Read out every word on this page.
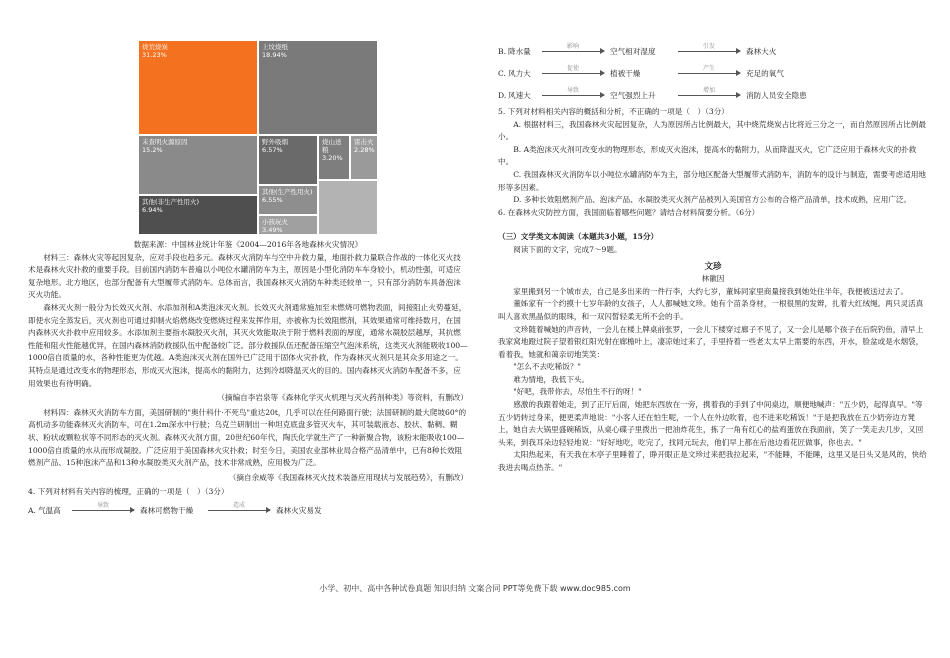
烧荒烧炭
31.23%
上坟烧纸
18.94%
未查明火源原因
15.2%
其他(非生产性用火)
6.94%
野外吸烟
6.57%
其他(生产性用火)
6.55%
小孩玩火
3.49%
烧山送粮
3.20%
雷击火
2.28%

数据来源：中国林业统计年鉴《2004—2016年各地森林火灾情况》

材料三：森林火灾等起因复杂，应对手段也趋多元。森林灭火消防车与空中升救力量，地面扑救力量联合作战的一体化灭火技术是森林火灾扑救的重要手段。目前国内消防车普遍以小吨位水罐消防车为主，原因是小型化消防车车身较小，机动性强，可适应复杂地形。北方地区，也部分配备有大型履带式消防车。总体而言，我国森林灭火消防车种类还较单一，只有部分消防车具备泡沫灭火功能。

森林灭火剂一般分为长效灭火剂、水添加剂和A类泡沫灭火剂。长效灭火剂通常施加至未燃烧可燃物表面，间接阻止火势蔓延，即使水完全蒸发后，灭火剂也可通过抑制火焰燃烧改变燃烧过程来发挥作用，亦被称为长效阻燃剂，其效果通常可维持数月，在国内森林灭火扑救中应用较多。水添加剂主要指水凝胶灭火剂，其灭火效能取决于附于燃料表面的厚度，通常水凝胶层越厚，其抗燃性能和阻火性能越优异，在国内森林消防救援队伍中配备较广泛。部分救援队伍还配备压缩空气泡沫系统，这类灭火剂能吸收100—1000倍自质量的水，各种性能更为优越。A类泡沫灭火剂在国外已广泛用于固体火灾扑救，作为森林灭火剂只是其众多用途之一。其特点是通过改变水的物理形态，形成灭火泡沫，提高水的黏附力，达到冷却降温灭火的目的。国内森林灭火消防车配备不多，应用效果也有待明确。

（摘编自李岩泉等《森林化学灭火机理与灭火药剂种类》等资料，有删改）

材料四：森林灭火消防车方面，美国研制的"奥什科什·不死鸟"重达20t，几乎可以在任何路面行驶；法国研制的最大爬坡60°的高机动多功能森林灭火消防车，可在1.2m深水中行驶；乌克兰研制出一种坦克底盘多管灭火车，其可装载液态、胶状、黏稠、糊状、粉状或颗粒状等不同形态的灭火剂。森林灭火剂方面，20世纪60年代，陶氏化学就生产了一种新聚合物，该粉末能吸收100—1000倍自质量的水从而形成凝胶。广泛应用于美国森林火灾扑救；时至今日，美国农业部林业局合格产品清单中，已有8种长效阻燃剂产品、15种泡沫产品和13种水凝胶类灭火剂产品，技术非常成熟，应用极为广泛。

（摘自余威等《我国森林灭火技术装备应用现状与发展趋势》，有删改）

4. 下列对材料有关内容的梳理，正确的一项是（　）（3分）

A. 气温高
导致
森林可燃物干燥
造成
森林火灾易发
B. 降水量
影响
空气相对湿度
引发
森林大火
C. 风力大
促使
植被干燥
产生
充足的氧气
D. 风速大
导致
空气强烈上升
增加
消防人员安全隐患

5. 下列对材料相关内容的概括和分析，不正确的一项是（　）（3分）

A. 根据材料三，我国森林火灾起因复杂，人为原因所占比例最大，其中烧荒烧炭占比将近三分之一，而自然原因所占比例最小。

B. A类泡沫灭火剂可改变水的物理形态，形成灭火泡沫，提高水的黏附力，从而降温灭火，它广泛应用于森林火灾的扑救中。

C. 我国森林灭火消防车以小吨位水罐消防车为主，部分地区配备大型履带式消防车，消防车的设计与制造，需要考虑适用地形等多因素。

D. 多种长效阻燃剂产品、泡沫产品、水凝胶类灭火剂产品被列入美国官方公布的合格产品清单，技术成熟，应用广泛。

6. 在森林火灾防控方面，我国面临着哪些问题？请结合材料简要分析。（6分）

（三）文学类文本阅读（本题共3小题，15分）

阅读下面的文字，完成7～9题。

文珍

林徽因

家里搬到另一个城市去，自己是多出来的一件行李，大约七岁，董姊同家里商量接我到她处住半年，我便被送过去了。

董姊家有一个约摸十七岁年龄的女孩子，人人都喊她文珍。她有个苗条身材，一根很黑的发辫，扎着大红绒绳。两只灵活真叫人喜欢黑晶似的眼珠，和一双闪皙轻柔无所不会的手。

文珍随着喊她的声音转，一会儿在楼上牌桌前张罗，一会儿下楼穿过廊子不见了，又一会儿是哪个孩子在后院钓鱼，清早上我家窝地蹬过院子望着银红阳光射在廊檐叶上，凄凉她过来了，手里持着一些老太太早上需要的东西，开水，脸盆或是水烟袋，看着我，她就和蔼亲切地笑笑：

"怎么不去吃稀饭？"

难为情地，我低下头。

"好吧，我带你去，尽怕生不行的呀！"

感激的我跟着她走，到了正厅后面，她把东西放在一旁，携着我的手到了中间桌边，顺便地喊声："五少奶，起得真早。"等五少奶转过身来，便更柔声地说："小客人还在怕生呢，一个人在外边吹着，也不进来吃稀饭！"于是把我放在五少奶旁边方凳上，她自去大锅里盛碗稀饭，从桌心碟子里拨出一把油炸花生，拣了一角有红心的盐鸡蛋放在我面前，笑了一笑走去几步，又回头来，到我耳朵边轻轻地说："好好地吃，吃完了，找同元玩去，他们早上都在后池边看花匠做事，你也去。"

太阳热起来，有天我在木亭子里睡着了，睁开眼正是文珍过来把我拉起来，"不能睡，不能睡，这里又是日头又是风的，快给我进去喝点热茶。"

小学、初中、高中各种试卷真题 知识归纳 文案合同 PPT等免费下载 www.doc985.com
